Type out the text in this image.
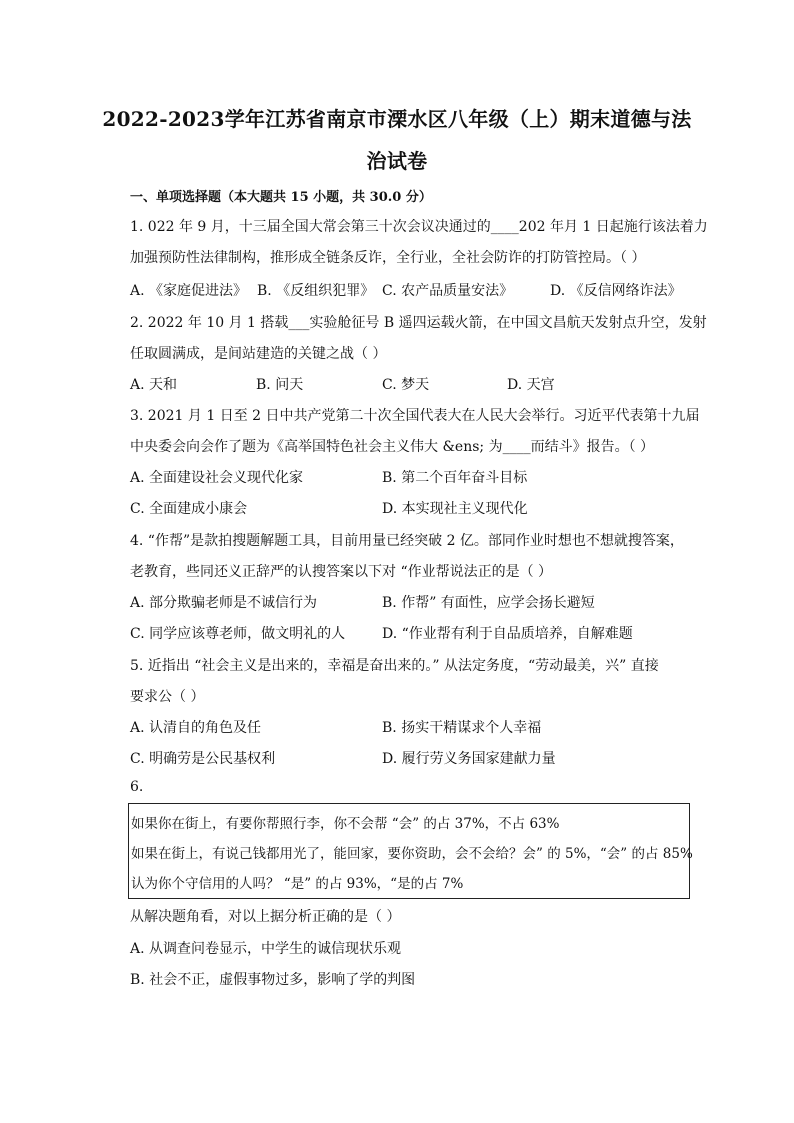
2022-2023学年江苏省南京市溧水区八年级（上）期末道德与法
治试卷
一、单项选择题（本大题共 15 小题，共 30.0 分）
1. 022 年 9 月，十三届全国大常会第三十次会议决通过的____202 年月 1 日起施行该法着力
加强预防性法律制构，推形成全链条反诈，全行业，全社会防诈的打防管控局。（ ）
A. 《家庭促进法》 B. 《反组织犯罪》 C. 农产品质量安法》	D. 《反信网络诈法》
2. 2022 年 10 月 1 搭载___实验舱征号 B 遥四运载火箭，在中国文昌航天发射点升空，发射
任取圆满成，是间站建造的关键之战（ ）
A. 天和	B. 问天	C. 梦天	D. 天宫
3. 2021 月 1 日至 2 日中共产党第二十次全国代表大在人民大会举行。习近平代表第十九届
中央委会向会作了题为《高举国特色社会主义伟大 &ens; 为____而结斗》报告。（ ）
A. 全面建设社会义现代化家	B. 第二个百年奋斗目标
C. 全面建成小康会	D. 本实现社主义现代化
4. “作帮”是款拍搜题解题工具，目前用量已经突破 2 亿。部同作业时想也不想就搜答案，
老教育，些同还义正辞严的认搜答案以下对 “作业帮说法正的是（ ）
A. 部分欺骗老师是不诚信行为	B. 作帮” 有面性，应学会扬长避短
C. 同学应该尊老师，做文明礼的人	D. “作业帮有利于自品质培养，自解难题
5. 近指出 “社会主义是出来的，幸福是奋出来的。” 从法定务度，“劳动最美，兴” 直接
要求公（ ）
A. 认清自的角色及任	B. 扬实干精谋求个人幸福
C. 明确劳是公民基权利	D. 履行劳义务国家建献力量
6.
如果你在街上，有要你帮照行李，你不会帮 “会” 的占 37%，不占 63%
如果在街上，有说己钱都用光了，能回家，要你资助，会不会给？会” 的 5%，“会” 的占 85%
认为你个守信用的人吗？ “是” 的占 93%，“是的占 7%
从解决题角看，对以上据分析正确的是（ ）
A. 从调查问卷显示，中学生的诚信现状乐观
B. 社会不正，虚假事物过多，影响了学的判图
